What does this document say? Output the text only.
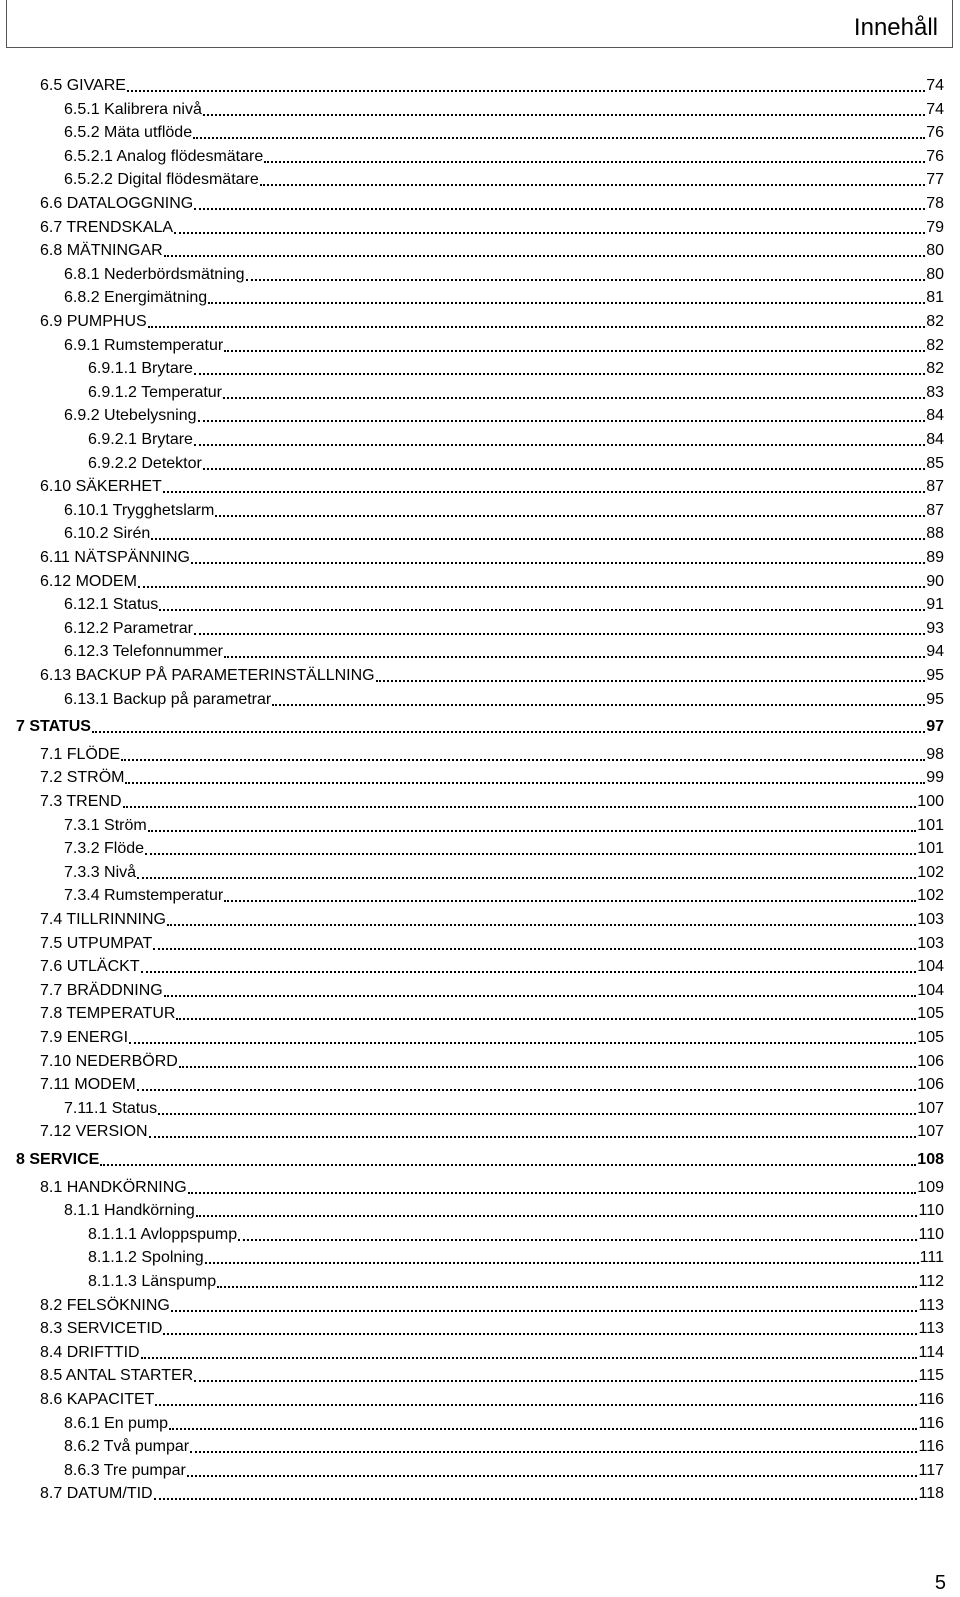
Innehåll
6.5 GIVARE	74
6.5.1 Kalibrera nivå	74
6.5.2 Mäta utflöde	76
6.5.2.1 Analog flödesmätare	76
6.5.2.2 Digital flödesmätare	77
6.6 DATALOGGNING	78
6.7 TRENDSKALA	79
6.8 MÄTNINGAR	80
6.8.1 Nederbördsmätning	80
6.8.2 Energimätning	81
6.9 PUMPHUS	82
6.9.1 Rumstemperatur	82
6.9.1.1 Brytare	82
6.9.1.2 Temperatur	83
6.9.2 Utebelysning	84
6.9.2.1 Brytare	84
6.9.2.2 Detektor	85
6.10 SÄKERHET	87
6.10.1 Trygghetslarm	87
6.10.2 Sirén	88
6.11 NÄTSPÄNNING	89
6.12 MODEM	90
6.12.1 Status	91
6.12.2 Parametrar	93
6.12.3 Telefonnummer	94
6.13 BACKUP PÅ PARAMETERINSTÄLLNING	95
6.13.1 Backup på parametrar	95
7 STATUS	97
7.1 FLÖDE	98
7.2 STRÖM	99
7.3 TREND	100
7.3.1 Ström	101
7.3.2 Flöde	101
7.3.3 Nivå	102
7.3.4 Rumstemperatur	102
7.4 TILLRINNING	103
7.5 UTPUMPAT	103
7.6 UTLÄCKT	104
7.7 BRÄDDNING	104
7.8 TEMPERATUR	105
7.9 ENERGI	105
7.10 NEDERBÖRD	106
7.11 MODEM	106
7.11.1 Status	107
7.12 VERSION	107
8 SERVICE	108
8.1 HANDKÖRNING	109
8.1.1 Handkörning	110
8.1.1.1 Avloppspump	110
8.1.1.2 Spolning	111
8.1.1.3 Länspump	112
8.2 FELSÖKNING	113
8.3 SERVICETID	113
8.4 DRIFTTID	114
8.5 ANTAL STARTER	115
8.6 KAPACITET	116
8.6.1 En pump	116
8.6.2 Två pumpar	116
8.6.3 Tre pumpar	117
8.7 DATUM/TID	118
5
